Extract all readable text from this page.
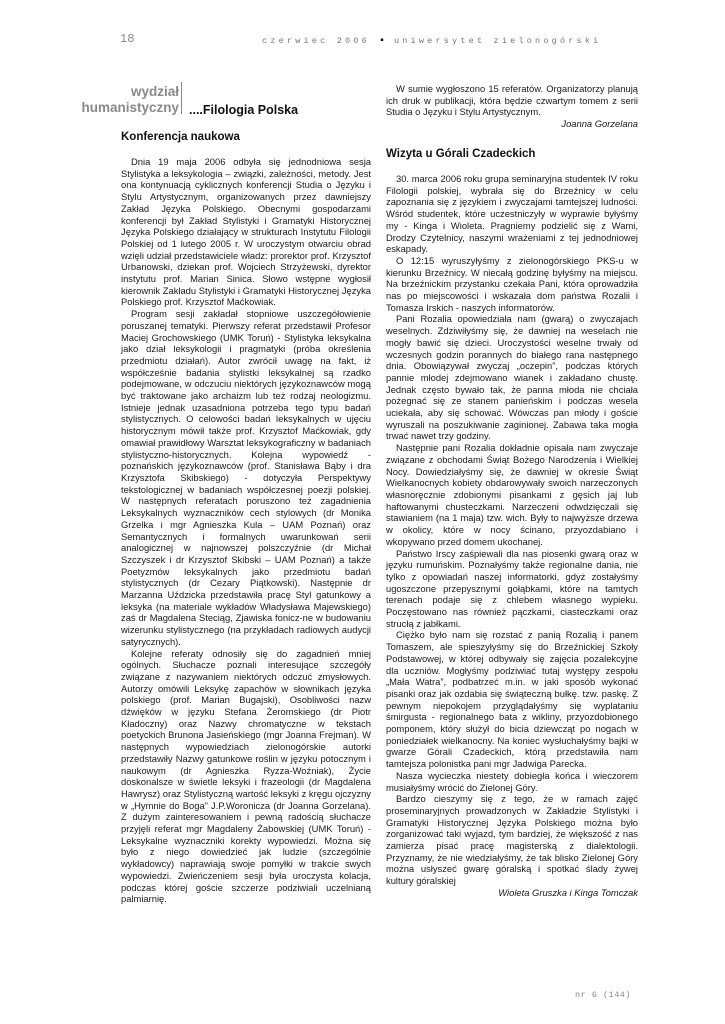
18	czerwiec 2006 ▪ uniwersytet zielonogórski
wydział
humanistyczny ....Filologia Polska
Konferencja naukowa

Dnia 19 maja 2006 odbyła się jednodniowa sesja Stylistyka a leksykologia – związki, zależności, metody. Jest ona kontynuacją cyklicznych konferencji Studia o Języku i Stylu Artystycznym, organizowanych przez dawniejszy Zakład Języka Polskiego. Obecnymi gospodarzami konferencji był Zakład Stylistyki i Gramatyki Historycznej Języka Polskiego działający w strukturach Instytutu Filologii Polskiej od 1 lutego 2005 r. W uroczystym otwarciu obrad wzięli udział przedstawiciele władz: prorektor prof. Krzysztof Urbanowski, dziekan prof. Wojciech Strzyżewski, dyrektor instytutu prof. Marian Sinica. Słowo wstępne wygłosił kierownik Zakładu Stylistyki i Gramatyki Historycznej Języka Polskiego prof. Krzysztof Maćkowiak.

Program sesji zakładał stopniowe uszczegółowienie poruszanej tematyki. Pierwszy referat przedstawił Profesor Maciej Grochowskiego (UMK Toruń) - Stylistyka leksykalna jako dział leksykologii i pragmatyki (próba określenia przedmiotu działań). Autor zwrócił uwagę na fakt, iż współcześnie badania stylistki leksykalnej są rzadko podejmowane, w odczuciu niektórych językoznawców mogą być traktowane jako archaizm lub też rodzaj neologizmu. Istnieje jednak uzasadniona potrzeba tego typu badań stylistycznych. O celowości badań leksykalnych w ujęciu historycznym mówił także prof. Krzysztof Maćkowiak, gdy omawiał prawidłowy Warsztat leksykograficzny w badaniach stylistyczno-historycznych. Kolejna wypowiedź - poznańskich językoznawców (prof. Stanisława Bąby i dra Krzysztofa Skibskiego) - dotyczyła Perspektywy tekstologicznej w badaniach współczesnej poezji polskiej. W następnych referatach poruszono też zagadnienia Leksykalnych wyznaczników cech stylowych (dr Monika Grzelka i mgr Agnieszka Kula – UAM Poznań) oraz Semantycznych i formalnych uwarunkowań serii analogicznej w najnowszej polszczyźnie (dr Michał Szczyszek i dr Krzysztof Skibski – UAM Poznań) a także Poetyzmów leksykalnych jako przedmiotu badań stylistycznych (dr Cezary Piątkowski). Następnie dr Marzanna Uździcka przedstawiła pracę Styl gatunkowy a leksyka (na materiale wykładów Władysława Majewskiego) zaś dr Magdalena Steciąg, Zjawiska fonicz-ne w budowaniu wizerunku stylistycznego (na przykładach radiowych audycji satyrycznych).

Kolejne referaty odnosiły się do zagadnień mniej ogólnych. Słuchacze poznali interesujące szczegóły związane z nazywaniem niektórych odczuć zmysłowych. Autorzy omówili Leksykę zapachów w słownikach języka polskiego (prof. Marian Bugajski), Osobliwości nazw dźwięków w języku Stefana Żeromskiego (dr Piotr Kładoczny) oraz Nazwy chromatyczne w tekstach poetyckich Brunona Jasieńskiego (mgr Joanna Frejman). W następnych wypowiedziach zielonogórskie autorki przedstawiły Nazwy gatunkowe roślin w języku potocznym i naukowym (dr Agnieszka Ryzza-Woźniak), Życie doskonalsze w świetle leksyki i frazeologii (dr Magdalena Hawrysz) oraz Stylistyczną wartość leksyki z kręgu ojczyzny w „Hymnie do Boga” J.P.Woronicza (dr Joanna Gorzelana). Z dużym zainteresowaniem i pewną radością słuchacze przyjęli referat mgr Magdaleny Żabowskiej (UMK Toruń) - Leksykalne wyznaczniki korekty wypowiedzi. Można się było z niego dowiedzieć jak ludzie (szczególnie wykładowcy) naprawiają swoje pomyłki w trakcie swych wypowiedzi. Zwieńczeniem sesji była uroczysta kolacja, podczas której goście szczerze podziwiali uczelnianą palmiarnię.

W sumie wygłoszono 15 referatów. Organizatorzy planują ich druk w publikacji, która będzie czwartym tomem z serii Studia o Języku i Stylu Artystycznym.

Joanna Gorzelana
Wizyta u Górali Czadeckich

30. marca 2006 roku grupa seminaryjna studentek IV roku Filologii polskiej, wybrała się do Brzeźnicy w celu zapoznania się z językiem i zwyczajami tamtejszej ludności. Wśród studentek, które uczestniczyły w wyprawie byłyśmy my - Kinga i Wioleta. Pragniemy podzielić się z Wami, Drodzy Czytelnicy, naszymi wrażeniami z tej jednodniowej eskapady.

O 12:15 wyruszyłyśmy z zielonogórskiego PKS-u w kierunku Brzeźnicy. W niecałą godzinę byłyśmy na miejscu. Na brzeźnickim przystanku czekała Pani, która oprowadziła nas po miejscowości i wskazała dom państwa Rozalii i Tomasza Irskich - naszych informatorów.

Pani Rozalia opowiedziała nam (gwarą) o zwyczajach weselnych. Zdziwiłyśmy się, że dawniej na weselach nie mogły bawić się dzieci. Uroczystości weselne trwały od wczesnych godzin porannych do białego rana następnego dnia. Obowiązywał zwyczaj „oczepin”, podczas których pannie młodej zdejmowano wianek i zakładano chustę. Jednak często bywało tak, że panna młoda nie chciała pożegnać się ze stanem panieńskim i podczas wesela uciekała, aby się schować. Wówczas pan młody i goście wyruszali na poszukiwanie zaginionej. Zabawa taka mogła trwać nawet trzy godziny.

Następnie pani Rozalia dokładnie opisała nam zwyczaje związane z obchodami Świąt Bożego Narodzenia i Wielkiej Nocy. Dowiedziałyśmy się, że dawniej w okresie Świąt Wielkanocnych kobiety obdarowywały swoich narzeczonych własnoręcznie zdobionymi pisankami z gęsich jaj lub haftowanymi chusteczkami. Narzeczeni odwdzięczali się stawianiem (na 1 maja) tzw. wich. Były to najwyższe drzewa w okolicy, które w nocy ścinano, przyozdabiano i wkopywano przed domem ukochanej.

Państwo Irscy zaśpiewali dla nas piosenki gwarą oraz w języku rumuńskim. Poznałyśmy także regionalne dania, nie tylko z opowiadań naszej informatorki, gdyż zostałyśmy ugoszczone przepysznymi gołąbkami, które na tamtych terenach podaje się z chlebem własnego wypieku. Poczęstowano nas również pączkami, ciasteczkami oraz strucłą z jabłkami.

Ciężko było nam się rozstać z panią Rozalią i panem Tomaszem, ale spieszyłyśmy się do Brzeźnickiej Szkoły Podstawowej, w której odbywały się zajęcia pozalekcyjne dla uczniów. Mogłyśmy podziwiać tutaj występy zespołu „Mała Watra”, podbatrzeć m.in. w jaki sposób wykonać pisanki oraz jak ozdabia się świąteczną bułkę. tzw. paskę. Z pewnym niepokojem przyglądałyśmy się wyplataniu śmirgusta - regionalnego bata z wikliny, przyozdobionego pomponem, który służył do bicia dziewcząt po nogach w poniedziałek wielkanocny. Na koniec wysłuchałyśmy bajki w gwarze Górali Czadeckich, którą przedstawiła nam tamtejsza polonistka pani mgr Jadwiga Parecka.

Nasza wycieczka niestety dobiegła końca i wieczorem musiałyśmy wrócić do Zielonej Góry.

Bardzo cieszymy się z tego, że w ramach zajęć proseminaryjnych prowadzonych w Zakładzie Stylistyki i Gramatyki Historycznej Języka Polskiego można było zorganizować taki wyjazd, tym bardziej, że większość z nas zamierza pisać pracę magisterską z dialektologii. Przyznamy, że nie wiedziałyśmy, że tak blisko Zielonej Góry można usłyszeć gwarę góralską i spotkać ślady żywej kultury góralskiej

Wioleta Gruszka i Kinga Tomczak
nr 6 (144)
